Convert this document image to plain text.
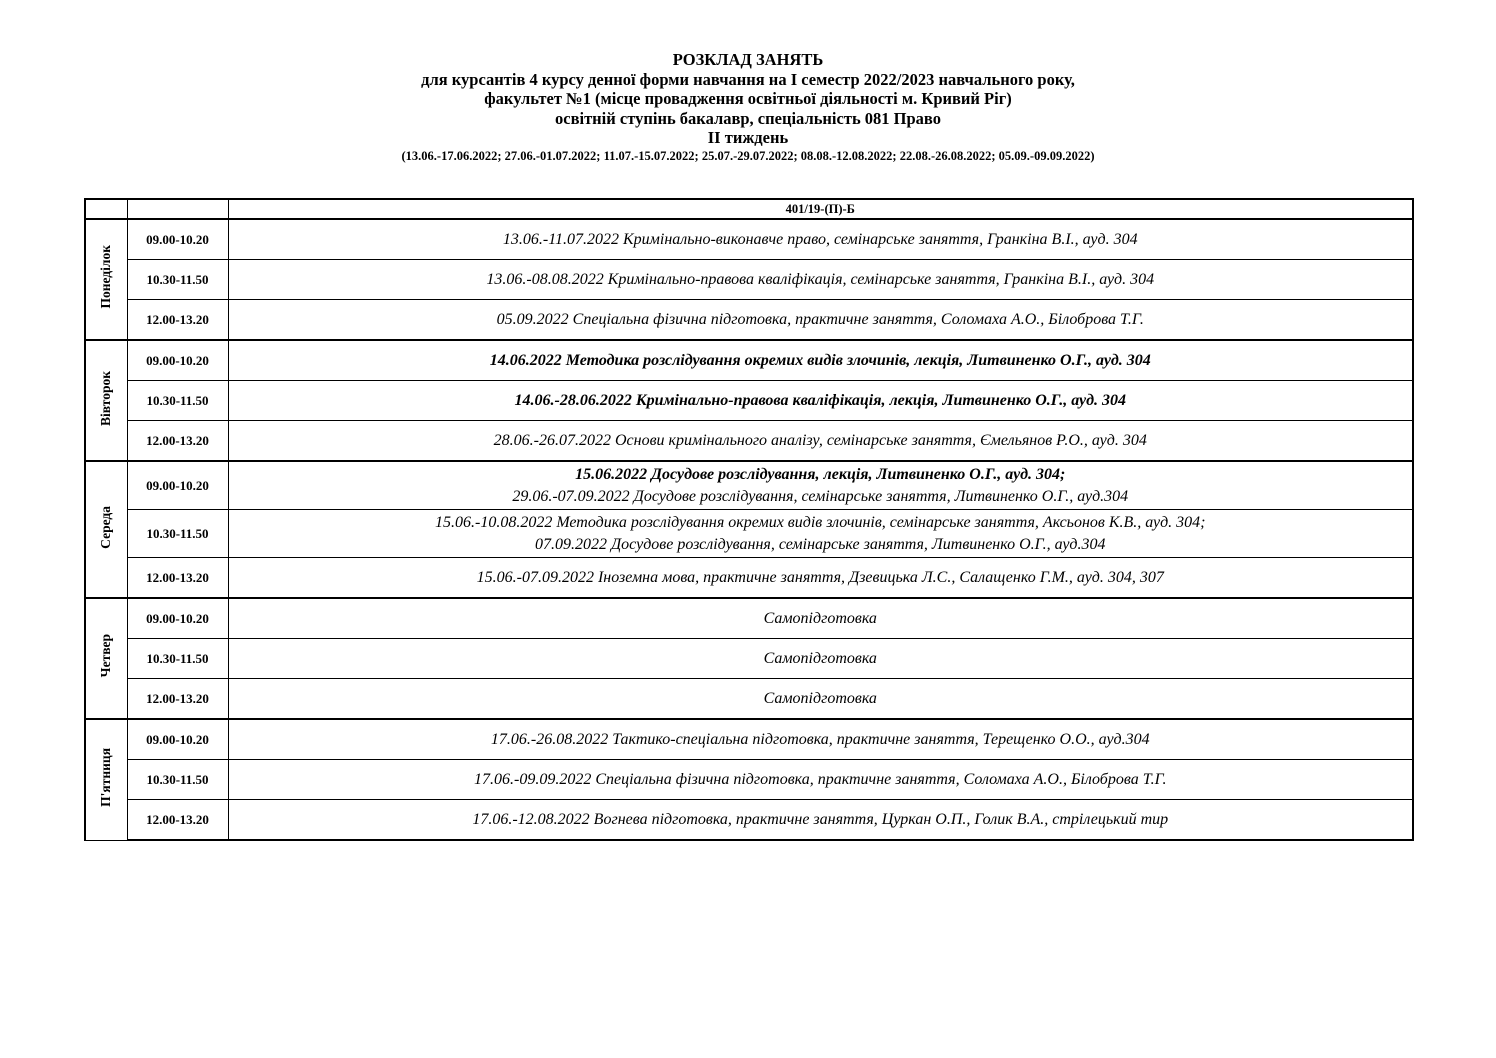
РОЗКЛАД ЗАНЯТЬ
для курсантів 4 курсу денної форми навчання на І семестр 2022/2023 навчального року,
факультет №1 (місце провадження освітньої діяльності м. Кривий Ріг)
освітній ступінь бакалавр, спеціальність 081 Право
ІІ тиждень
(13.06.-17.06.2022; 27.06.-01.07.2022; 11.07.-15.07.2022; 25.07.-29.07.2022; 08.08.-12.08.2022; 22.08.-26.08.2022; 05.09.-09.09.2022)
		401/19-(П)-Б
Понеділок	09.00-10.20	13.06.-11.07.2022 Кримінально-виконавче право, семінарське заняття, Гранкіна В.І., ауд. 304

	10.30-11.50	13.06.-08.08.2022 Кримінально-правова кваліфікація, семінарське заняття, Гранкіна В.І., ауд. 304

	12.00-13.20	05.09.2022 Спеціальна фізична підготовка, практичне заняття, Соломаха А.О., Білоброва Т.Г.

Вівторок	09.00-10.20	14.06.2022 Методика розслідування окремих видів злочинів, лекція, Литвиненко О.Г., ауд. 304

	10.30-11.50	14.06.-28.06.2022 Кримінально-правова кваліфікація, лекція, Литвиненко О.Г., ауд. 304

	12.00-13.20	28.06.-26.07.2022 Основи кримінального аналізу, семінарське заняття, Ємельянов Р.О., ауд. 304

Середа	09.00-10.20	15.06.2022 Досудове розслідування, лекція, Литвиненко О.Г., ауд. 304;
29.06.-07.09.2022 Досудове розслідування, семінарське заняття, Литвиненко О.Г., ауд.304

	10.30-11.50	15.06.-10.08.2022 Методика розслідування окремих видів злочинів, семінарське заняття, Аксьонов К.В., ауд. 304;
07.09.2022 Досудове розслідування, семінарське заняття, Литвиненко О.Г., ауд.304

	12.00-13.20	15.06.-07.09.2022 Іноземна мова, практичне заняття, Дзевицька Л.С., Салащенко Г.М., ауд. 304, 307

Четвер	09.00-10.20	Самопідготовка

	10.30-11.50	Самопідготовка

	12.00-13.20	Самопідготовка

П'ятниця	09.00-10.20	17.06.-26.08.2022 Тактико-спеціальна підготовка, практичне заняття, Терещенко О.О., ауд.304

	10.30-11.50	17.06.-09.09.2022 Спеціальна фізична підготовка, практичне заняття, Соломаха А.О., Білоброва Т.Г.

	12.00-13.20	17.06.-12.08.2022 Вогнева підготовка, практичне заняття, Цуркан О.П., Голик В.А., стрілецький тир
